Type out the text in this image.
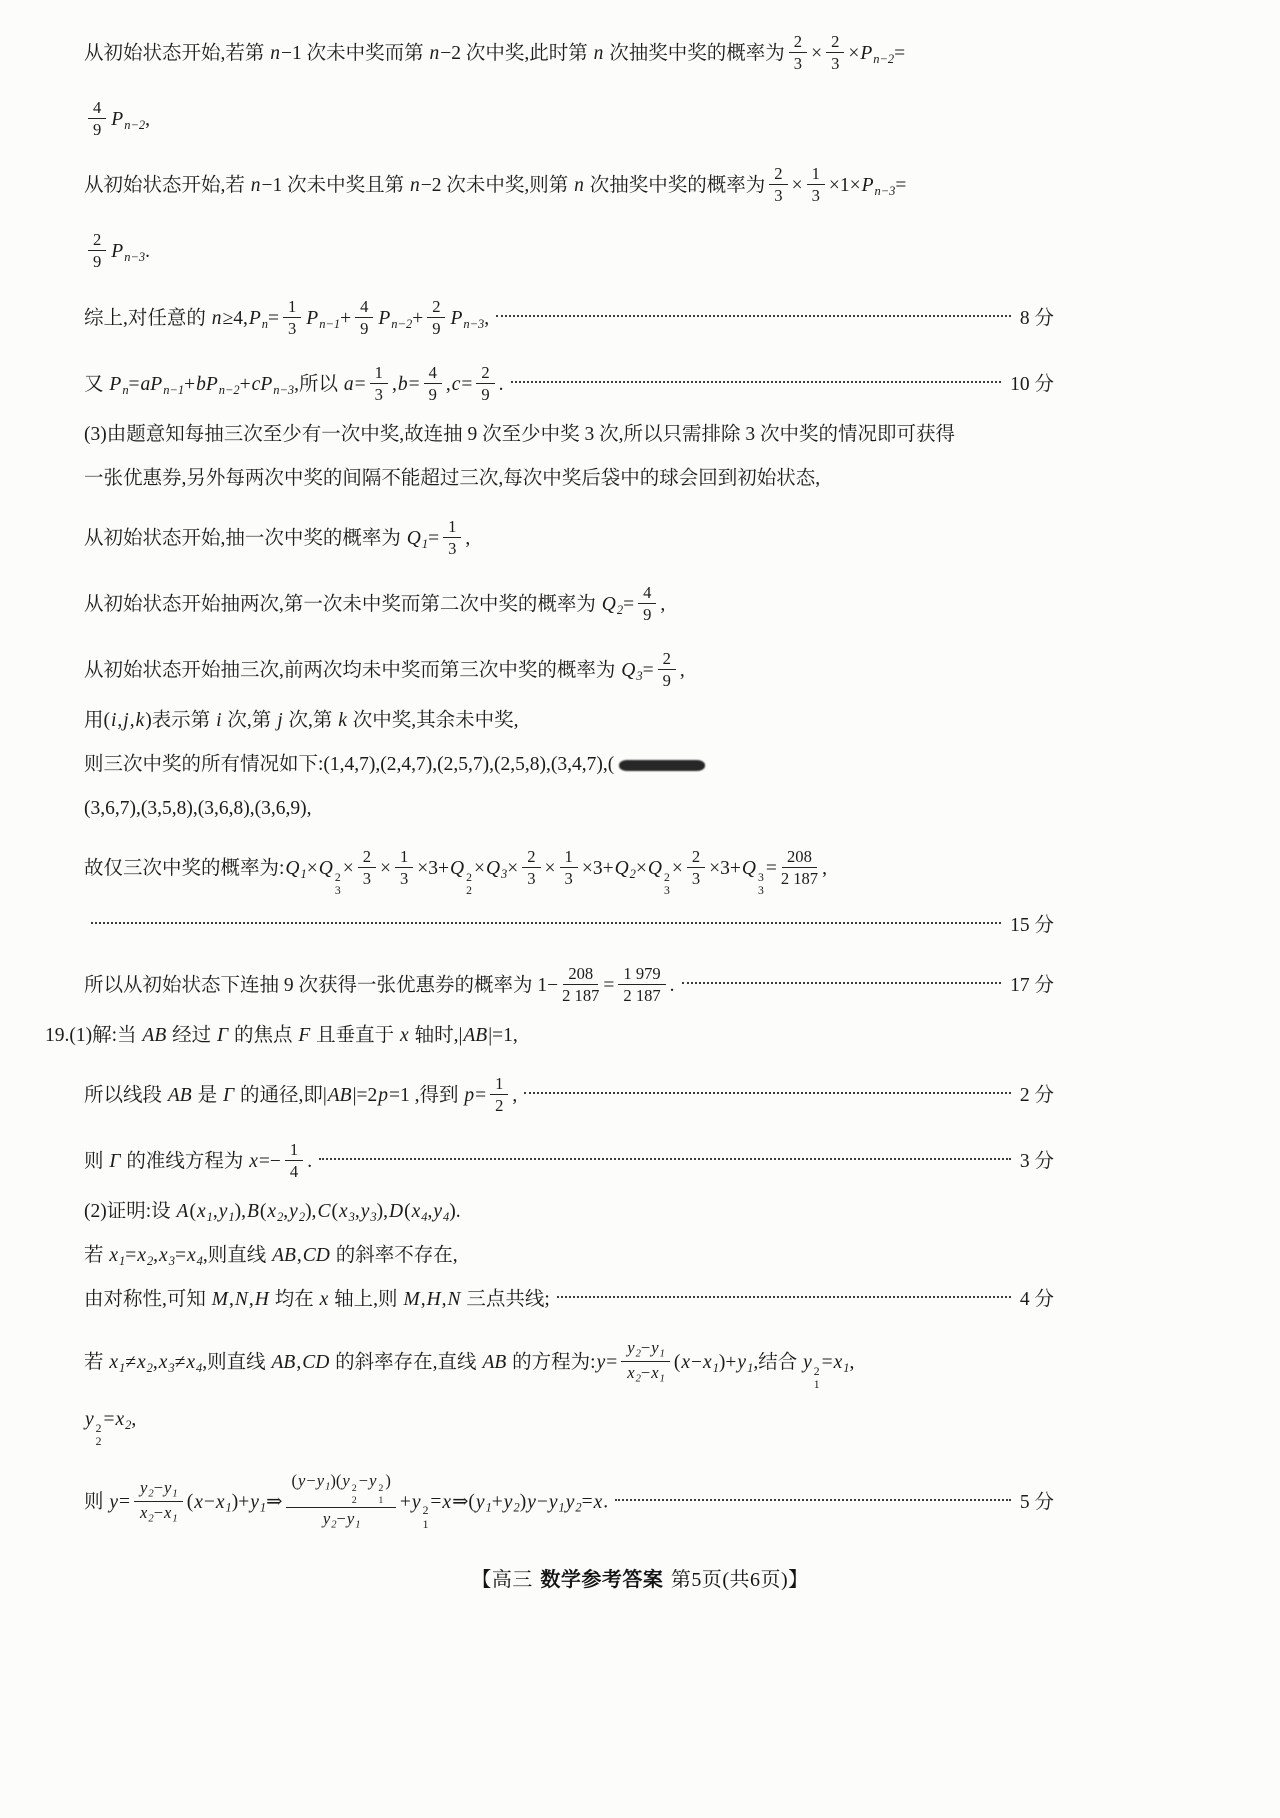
从初始状态开始,若第 n−1 次未中奖而第 n−2 次中奖,此时第 n 次抽奖中奖的概率为 $\frac{2}{3} \times \frac{2}{3} \times P_{n-2}=$
$\frac{4}{9} P_{n-2}$,
从初始状态开始,若 n−1 次未中奖且第 n−2 次未中奖,则第 n 次抽奖中奖的概率为 $\frac{2}{3} \times \frac{1}{3} \times 1\times P_{n-3}=$
$\frac{2}{9} P_{n-3}$.
综上,对任意的 $n\ge 4,P_n= \frac{1}{3} P_{n-1}+ \frac{4}{9} P_{n-2}+ \frac{2}{9} P_{n-3}$,	8 分
又 $P_n=aP_{n-1}+bP_{n-2}+cP_{n-3}$,所以 $a= \frac{1}{3} ,b= \frac{4}{9} ,c= \frac{2}{9}$ .	10 分
(3)由题意知每抽三次至少有一次中奖,故连抽 9 次至少中奖 3 次,所以只需排除 3 次中奖的情况即可获得
一张优惠券,另外每两次中奖的间隔不能超过三次,每次中奖后袋中的球会回到初始状态,
从初始状态开始,抽一次中奖的概率为 $Q_1= \frac{1}{3}$ ,
从初始状态开始抽两次,第一次未中奖而第二次中奖的概率为 $Q_2= \frac{4}{9}$ ,
从初始状态开始抽三次,前两次均未中奖而第三次中奖的概率为 $Q_3= \frac{2}{9}$ ,
用(i,j,k)表示第 i 次,第 j 次,第 k 次中奖,其余未中奖,
则三次中奖的所有情况如下:(1,4,7),(2,4,7),(2,5,7),(2,5,8),(3,4,7),(
(3,6,7),(3,5,8),(3,6,8),(3,6,9),
故仅三次中奖的概率为$:Q_1\times Q$ 2
3
× $\frac{2}{3} \times \frac{1}{3} \times 3+Q$ 2
2
$\times Q_3\times \frac{2}{3} \times \frac{1}{3} \times 3+Q_2\times Q$ 2
3
× $\frac{2}{3} \times 3+Q$ 3
3
= $\frac{208}{2 187}$ ,
15 分
所以从初始状态下连抽 9 次获得一张优惠券的概率为 $1- \frac{208}{2 187} = \frac{1 979}{2 187}$ .	17 分
19.(1)解:当 AB 经过 Γ 的焦点 F 且垂直于 x 轴时,|AB|=1,
所以线段 AB 是 Γ 的通径,即|AB|=2p=1 ,得到 $p= \frac{1}{2}$ ,	2 分
则 Γ 的准线方程为 $x=- \frac{1}{4}$ .	3 分
(2)证明:设 $A(x_1,y_1),B(x_2,y_2),C(x_3,y_3),D(x_4,y_4)$.
若 $x_1=x_2,x_3=x_4$,则直线 AB,CD 的斜率不存在,
由对称性,可知 M,N,H 均在 x 轴上,则 M,H,N 三点共线;	4 分
若 $x_1\ne x_2,x_3\ne x_4$,则直线 AB,CD 的斜率存在,直线 AB 的方程为:y= $\frac{y_2-y_1}{x_2-x_1} (x-x_1)+y_1$,结合 y 2
1
$=x_1$,
y 2
2
$=x_2$,
则 $y= \frac{y_2-y_1}{x_2-x_1}$ $(x-x_1)+y_1\Rightarrow$ $(y-y_1)(y$ 2
2
−y 2
1
)
$y_2-y_1 +y$ 2
1
$=x\Rightarrow(y_1+y_2)y-y_1y_2=x$.	5 分
【高三 数学参考答案 第5页(共6页)】
